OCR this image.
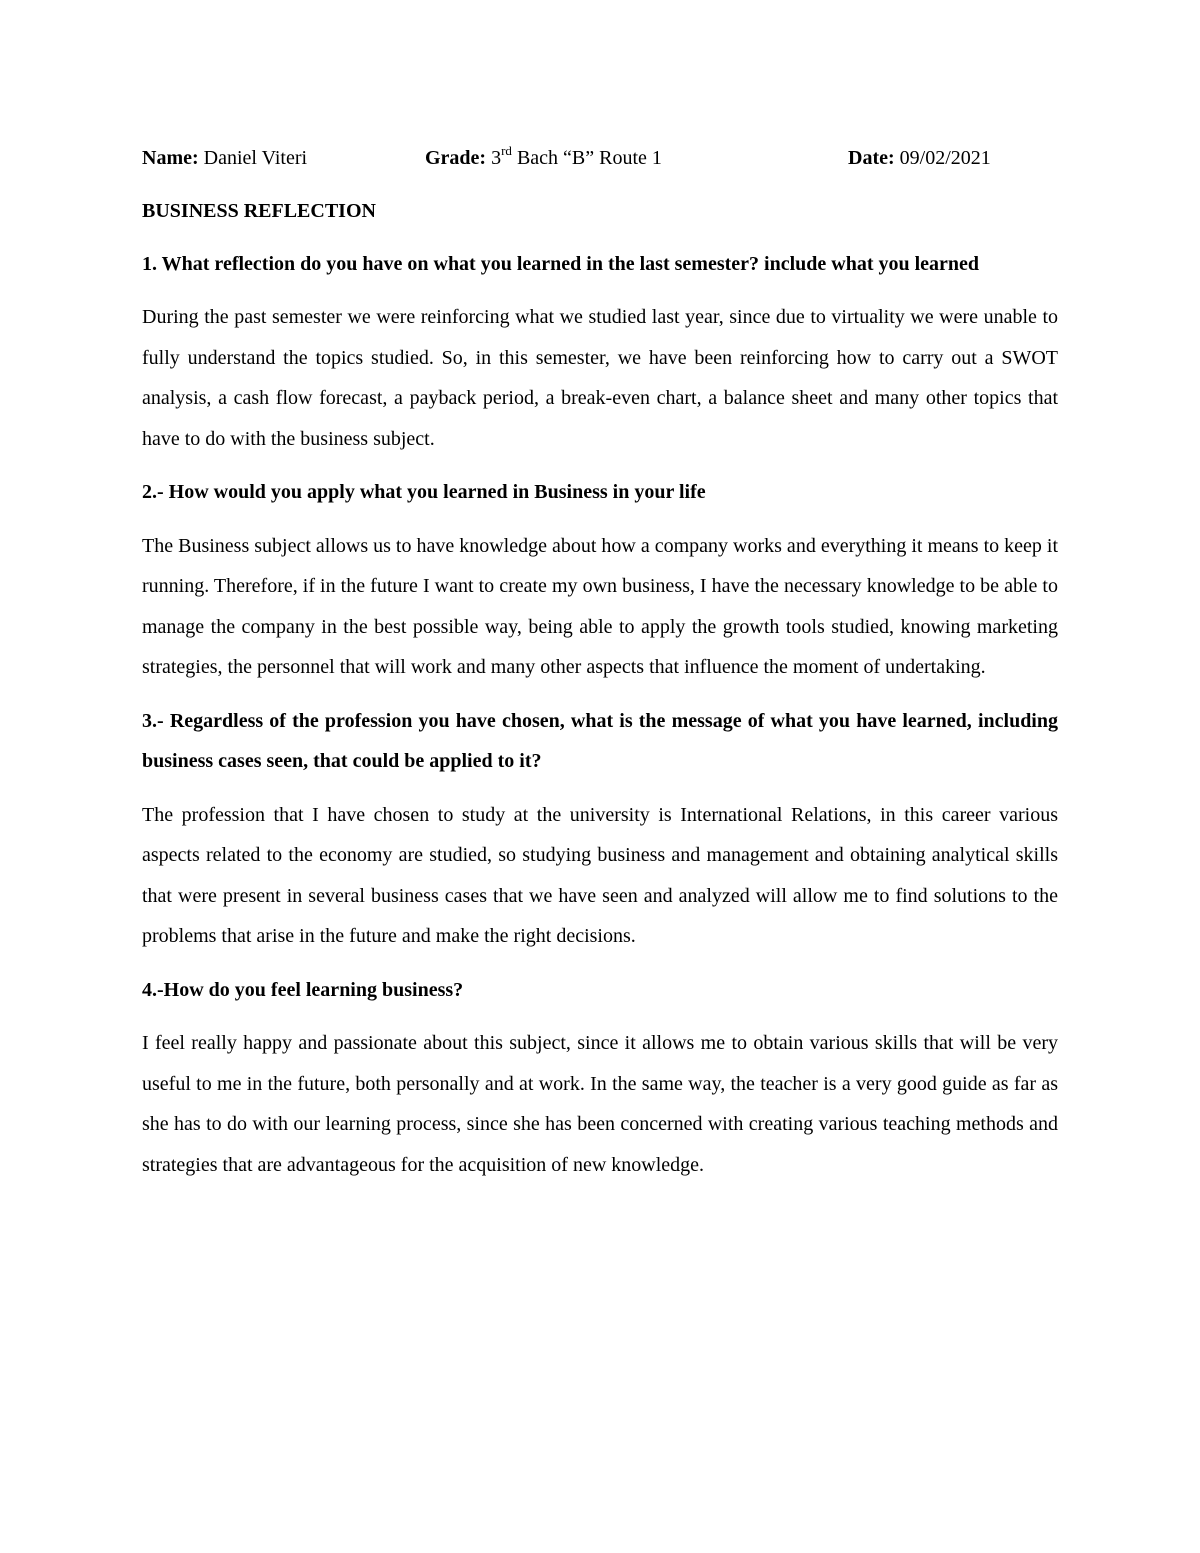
Name: Daniel Viteri	Grade: 3rd Bach “B” Route 1	Date: 09/02/2021
BUSINESS REFLECTION
1. What reflection do you have on what you learned in the last semester? include what you learned
During the past semester we were reinforcing what we studied last year, since due to virtuality we were unable to fully understand the topics studied. So, in this semester, we have been reinforcing how to carry out a SWOT analysis, a cash flow forecast, a payback period, a break-even chart, a balance sheet and many other topics that have to do with the business subject.
2.- How would you apply what you learned in Business in your life
The Business subject allows us to have knowledge about how a company works and everything it means to keep it running. Therefore, if in the future I want to create my own business, I have the necessary knowledge to be able to manage the company in the best possible way, being able to apply the growth tools studied, knowing marketing strategies, the personnel that will work and many other aspects that influence the moment of undertaking.
3.- Regardless of the profession you have chosen, what is the message of what you have learned, including business cases seen, that could be applied to it?
The profession that I have chosen to study at the university is International Relations, in this career various aspects related to the economy are studied, so studying business and management and obtaining analytical skills that were present in several business cases that we have seen and analyzed will allow me to find solutions to the problems that arise in the future and make the right decisions.
4.-How do you feel learning business?
I feel really happy and passionate about this subject, since it allows me to obtain various skills that will be very useful to me in the future, both personally and at work. In the same way, the teacher is a very good guide as far as she has to do with our learning process, since she has been concerned with creating various teaching methods and strategies that are advantageous for the acquisition of new knowledge.
